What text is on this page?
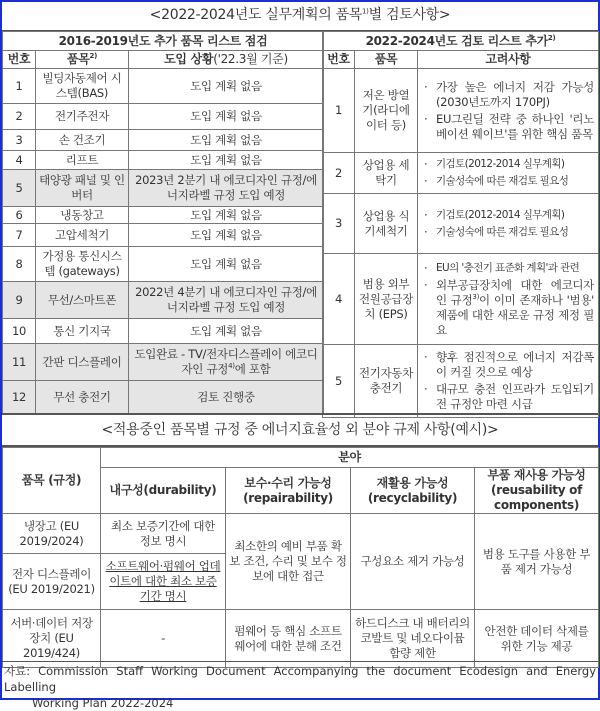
<2022-2024년도 실무계획의 품목$^{1)}$별 검토사항>
2016-2019년도 추가 품목 리스트 점검		
번호	품목$^{2)}$	도입 상황('22.3월 기준)
1	빌딩자동제어 시스템(BAS)	도입 계획 없음
2	전기주전자	도입 계획 없음
3	손 건조기	도입 계획 없음
4	리프트	도입 계획 없음
5	태양광 패널 및 인버터	2023년 2분기 내 에코디자인 규정/에너지라벨 규정 도입 예정
6	냉동창고	도입 계획 없음
7	고압세척기	도입 계획 없음
8	가정용 통신시스템 (gateways)	도입 계획 없음
9	무선/스마트폰	2022년 4분기 내 에코디자인 규정/에너지라벨 규정 도입 예정
10	통신 기지국	도입 계획 없음
11	간판 디스플레이	도입완료 - TV/전자디스플레이 에코디자인 규정$^{4)}$에 포함
12	무선 충전기	검토 진행중
2022-2024년도 검토 리스트 추가$^{2)}$
번호	품목	고려사항
1	저온 방열기(라디에이터 등)	· 가장 높은 에너지 저감 가능성(2030년도까지 170PJ)
· EU그린딜 전략 중 하나인 '리노베이션 웨이브'를 위한 핵심 품목

2	상업용 세탁기	· 기검토(2012-2014 실무계획)
· 기술성숙에 따른 재검토 필요성

3	상업용 식기세척기	· 기검토(2012-2014 실무계획)
· 기술성숙에 따른 재검토 필요성

4	범용 외부 전원공급장치 (EPS)	· EU의 '충전기 표준화 계획'과 관련
· 외부공급장치에 대한 에코디자인 규정$^{3)}$이 이미 존재하나 '범용' 제품에 대한 새로운 규정 제정 필요

5	전기자동차 충전기	· 향후 점진적으로 에너지 저감폭이 커질 것으로 예상
· 대규모 충전 인프라가 도입되기 전 규정안 마련 시급
<적용중인 품목별 규정 중 에너지효율성 외 분야 규제 사항(예시)>
품목 (규정)	분야			
	내구성(durability)	보수·수리 가능성 (repairability)	재활용 가능성 (recyclability)	부품 재사용 가능성 (reusability of components)
냉장고 (EU 2019/2024)	최소 보증기간에 대한 정보 명시	최소한의 예비 부품 확보 조건, 수리 및 보수 정보에 대한 접근	구성요소 제거 가능성	범용 도구를 사용한 부품 제거 가능성
전자 디스플레이 (EU 2019/2021)	소프트웨어·펌웨어 업데이트에 대한 최소 보증기간 명시			
서버·데이터 저장장치 (EU 2019/424)	-	펌웨어 등 핵심 소프트웨어에 대한 분해 조건	하드디스크 내 배터리의 코발트 및 네오다이뮴 함량 제한	안전한 데이터 삭제를 위한 기능 제공
자료: Commission Staff Working Document Accompanying the document Ecodesign and Energy Labelling
Working Plan 2022-2024
